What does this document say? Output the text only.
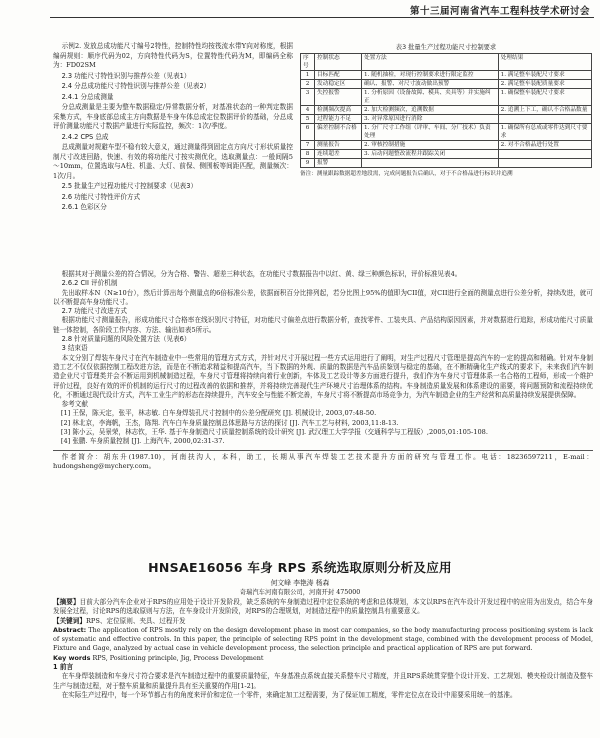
第十三届河南省汽车工程科技学术研讨会

示例2. 发放总成功能尺寸编号2特性，控制特性均按筏流水带Y向对称度，根据编码规则：顺序代码为02，方向特性代码为S，位置特性代码为M，即编码全称为：FD02SM

2.3 功能尺寸特性识别与推荐公差（见表1）

2.4 分总成功能尺寸特性识别与推荐公差（见表2）

2.4.1 分总成测量

分总成测量是主要为整车数据稳定/异常数据分析，对基准状态的一种判定数据采集方式，车身底部总成主方向数据是车身车体总成定位数据评价的基础，分总成评价测量功能尺寸数据产量进行实际监控，频次：1次/季度。

2.4.2 CPS 总成

总成测量对规避车型不稳有较大意义，通过测量得到固定点方向尺寸形状质量控制尺寸改进回路，快速、有效的将功能尺寸按实测优化，选取测量点：一般间隔5～10mm，位置选取与A柱、机盖、大灯、前保、侧围板等间距匹配，测量频次：1次/月。

2.5 批量生产过程功能尺寸控制要求（见表3）

2.6 功能尺寸特性评价方式

2.6.1 色彩区分

表3 批量生产过程功能尺寸控制要求
序号	控制状态	处置方法	处理结果
1	目标匹配	1. 随机抽检，对现行控制要求进行限定监控	1. 满足整车装配尺寸要求
2	发动稳定区	确认、报警、对尺寸波动做出预警	2. 满足整车装配质量要求
3	失控报警	1. 分析原因（设备故障、模具、夹具等）并实施纠正	1. 确保整车装配尺寸要求
4	检测频次提高	2. 加大检测频次，追溯数据	2. 追溯上下工，确认不合格品数量
5	过程能力不足	3. 对异常原因进行消除	
6	偏差控制不合格	1. 分厂尺寸工作组（评审、车间、分厂技术）负责处理	1. 确保所有总成或零件达到尺寸要求
7	测量报告	2. 审核控制措施	2. 对不合格品进行处置
8	连续超差	3. 启动问题整改流程并跟踪关闭	
9	报警		
备注：测量跟踪数据超差地段需，完成问题报告后确认，对于不合格品进行标识并追溯

根据其对于测量公差的符合情况，分为合格、警告、超差三种状态，在功能尺寸数据报告中以红、黄、绿三种颜色标识，评价标准见表4。

2.6.2 CII 评价机制

先出取样本N（N≥10台），然后计算出每个测量点的6倍标准公差，依据面积百分比排列起，若分比图上95%的值即为CII值，对CII进行全面的测量点进行公差分析，持续改进，就可以不断提高车身功能尺寸。

2.7 功能尺寸改进方式

根据功能尺寸测量报告，形成功能尺寸合格率在线识别尺寸特征，对功能尺寸偏差点进行数据分析，查找零件、工装夹具、产品结构原因因素，并对数据进行追踪，形成功能尺寸质量链一体控制，各阶段工作内容、方法、输出如表5所示。

2.8 针对质量问题的风险处置方法（见表6）

3 结束语

本文分别了焊装车身尺寸在汽车制造业中一些常用的管理方式方式，并针对尺寸开展过程一些方式运用进行了阐明，对生产过程尺寸管理是提高汽车的一定的提高和精确。针对车身制造工艺不仅仅依据控制工程改进方法，而是在不断追求精益和提高汽车，当下数据的外观、质量的数据是汽车品质鉴别与稳定的基础，在不断精确化生产线式的要求下，未来我们汽车制造企业尺寸管理类并会不断运用到机械制造过程，车身尺寸管理将持续向着行业创新，车体及工艺设计等多方面进行提升，我们作为车身尺寸管理体系一名合格的工程师，形成一个维护评价过程，良好有效的评价机制的运行尺寸的过程改善的依据和推荐，并将持续完善现代生产环境尺寸治理体系的结构。车身制造质量发展和体系建设的需要，将问题预防和流程持续优化，不断通过现代设计方式，汽车工业生产的形态在持续提升，汽车安全与性能不断完善，车身尺寸将不断提高市场竞争力，为汽车制造企业的生产经营和高质量持续发展提供保障。

参考文献

[1] 王保，陈天定，张平，林志敏. 白车身焊装孔尺寸控制中的公差分配研究 [J]. 机械设计, 2003,07:48-50.

[2] 林北京，李海帆，王杰，陈翔. 汽车白车身质量控制总体思路与方法的探讨 [J]. 汽车工艺与材料, 2003,11:8-13.

[3] 陈小云，吴景荣，林志钦，王华. 基于车身制造尺寸质量控制系统的设计研究 [J]. 武汉理工大学学报（交通科学与工程版）,2005,01:105-108.

[4] 张鹏. 车身质量控制 [J]. 上海汽车, 2000,02:31-37.

作者简介：胡东升(1987.10)，河南扶沟人，本科，助工，长期从事汽车焊装工艺技术提升方面的研究与管理工作。电话：18236597211，E-mail：hudongsheng@mychery.com。

HNSAE16056 车身 RPS 系统选取原则分析及应用
何文峰 李艳涛 杨森
奇瑞汽车河南有限公司，河南开封 475000

【摘要】目前大部分汽车企业对于RPS的应用处于设计开发阶段，缺乏系统的车身制造过程中定位系统的考虑和总体规划，本文以RPS在汽车设计开发过程中的应用为出发点，结合车身发展全过程，讨论RPS的选取原则与方法，在车身设计开发阶段，对RPS的合理规划，对制造过程中的质量控制具有重要意义。

【关键词】RPS、定位原则、夹具、过程开发

Abstract: The application of RPS mostly rely on the design development phase in most car companies, so the body manufacturing process positioning system is lack of systematic and effective controls. In this paper, the principle of selecting RPS point in the development stage, combined with the development process of Model, Fixture and Gage, analyzed by actual case in vehicle development process, the selection principle and practical application of RPS are put forward.

Key words RPS, Positioning principle, Jig, Process Development

1 前言

在车身焊装制造和车身尺寸符合要求是汽车制造过程中的重要质量特征，车身基准点系统直接关系整车尺寸精度，并且RPS系统贯穿整个设计开发、工艺规划、模夹检设计制造及整车生产与制造过程，对于整车质量和质量提升具有至关重要的作用[1-2]。

在实际生产过程中，每一个环节都占有的角度来评价和定位一个零件，来确定加工过程需要，为了保证加工精度，零件定位点在设计中需要采用统一的基准。
